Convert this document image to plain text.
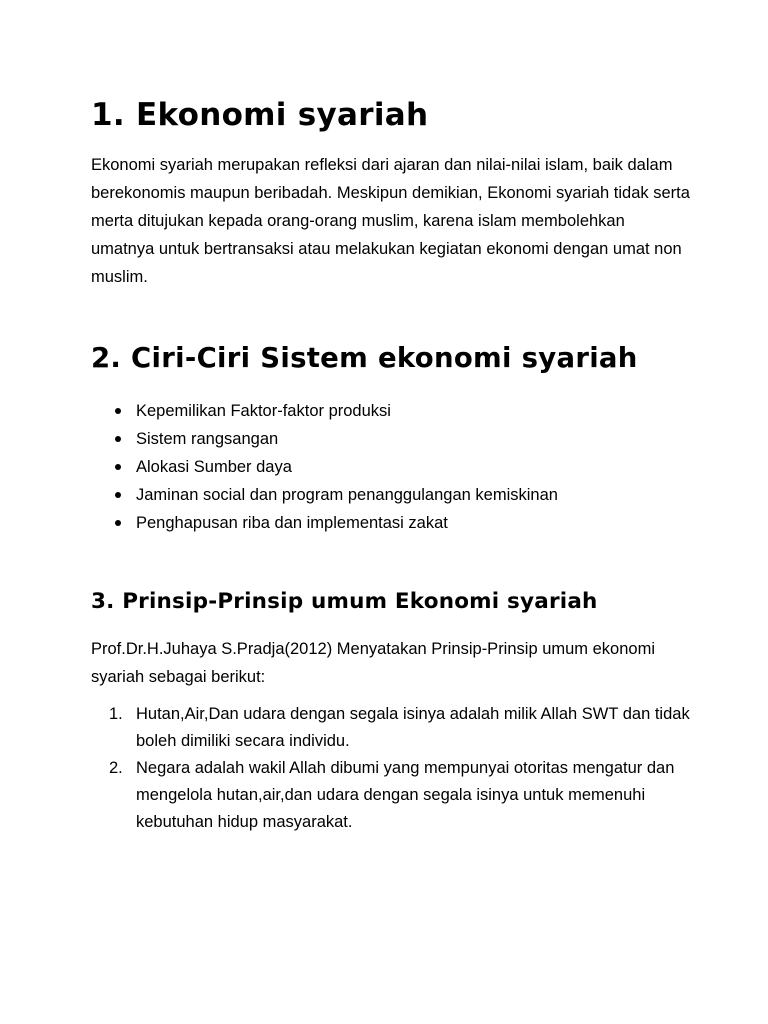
1. Ekonomi syariah

Ekonomi syariah merupakan refleksi dari ajaran dan nilai-nilai islam, baik dalam berekonomis maupun beribadah. Meskipun demikian, Ekonomi syariah tidak serta merta ditujukan kepada orang-orang muslim, karena islam membolehkan umatnya untuk bertransaksi atau melakukan kegiatan ekonomi dengan umat non muslim.

2. Ciri-Ciri Sistem ekonomi syariah
Kepemilikan Faktor-faktor produksi
Sistem rangsangan
Alokasi Sumber daya
Jaminan social dan program penanggulangan kemiskinan
Penghapusan riba dan implementasi zakat
3. Prinsip-Prinsip umum Ekonomi syariah

Prof.Dr.H.Juhaya S.Pradja(2012) Menyatakan Prinsip-Prinsip umum ekonomi syariah sebagai berikut:

1. Hutan,Air,Dan udara dengan segala isinya adalah milik Allah SWT dan tidak boleh dimiliki secara individu.
2. Negara adalah wakil Allah dibumi yang mempunyai otoritas mengatur dan mengelola hutan,air,dan udara dengan segala isinya untuk memenuhi kebutuhan hidup masyarakat.
